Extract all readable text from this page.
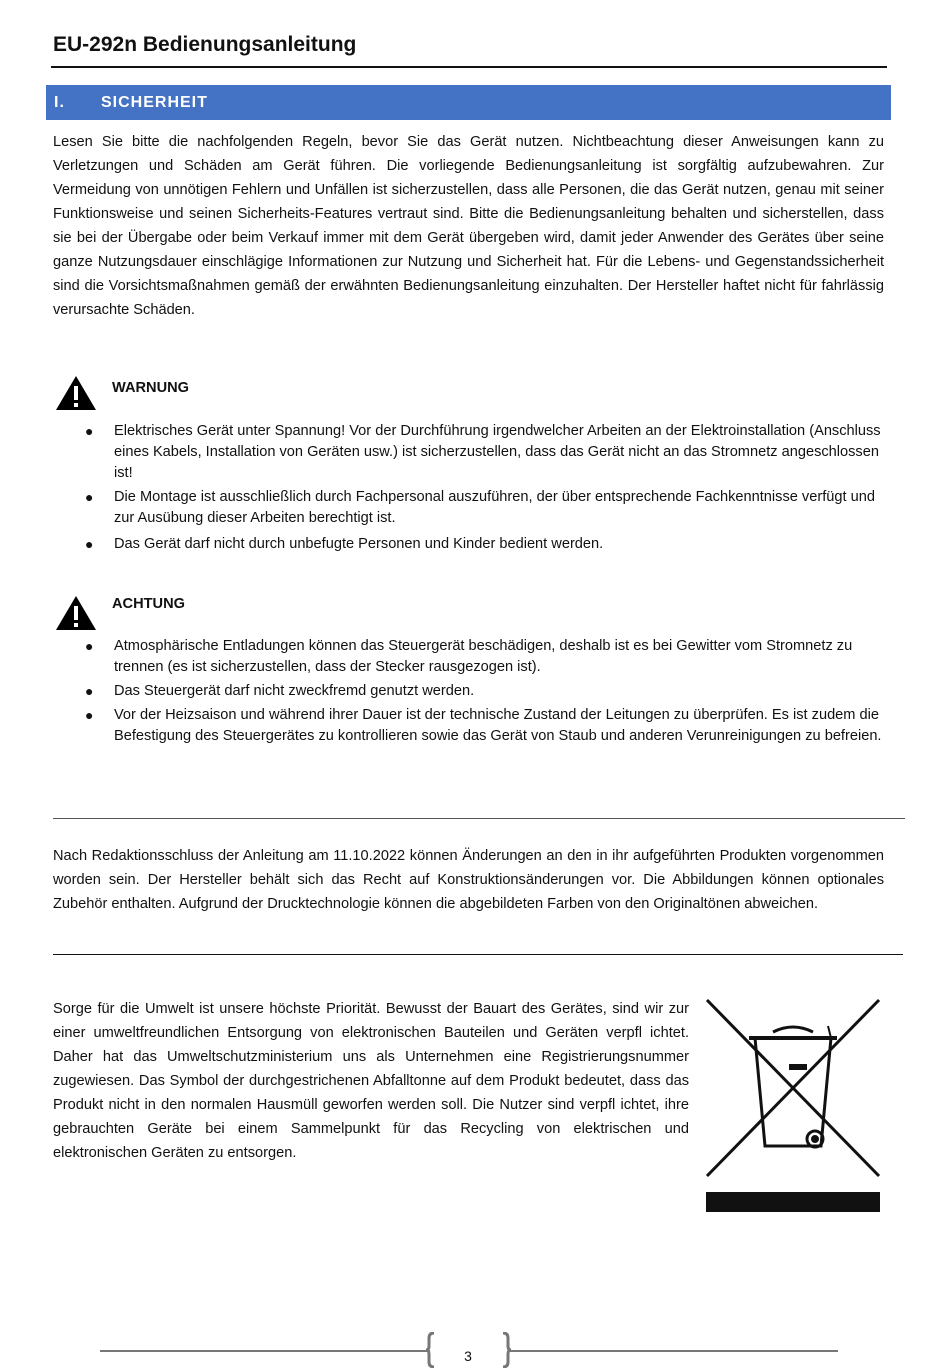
EU-292n Bedienungsanleitung
I. SICHERHEIT

Lesen Sie bitte die nachfolgenden Regeln, bevor Sie das Gerät nutzen. Nichtbeachtung dieser Anweisungen kann zu Verletzungen und Schäden am Gerät führen. Die vorliegende Bedienungsanleitung ist sorgfältig aufzubewahren. Zur Vermeidung von unnötigen Fehlern und Unfällen ist sicherzustellen, dass alle Personen, die das Gerät nutzen, genau mit seiner Funktionsweise und seinen Sicherheits-Features vertraut sind. Bitte die Bedienungsanleitung behalten und sicherstellen, dass sie bei der Übergabe oder beim Verkauf immer mit dem Gerät übergeben wird, damit jeder Anwender des Gerätes über seine ganze Nutzungsdauer einschlägige Informationen zur Nutzung und Sicherheit hat. Für die Lebens- und Gegenstandssicherheit sind die Vorsichtsmaßnahmen gemäß der erwähnten Bedienungsanleitung einzuhalten. Der Hersteller haftet nicht für fahrlässig verursachte Schäden.

WARNUNG
● Elektrisches Gerät unter Spannung! Vor der Durchführung irgendwelcher Arbeiten an der Elektroinstallation (Anschluss eines Kabels, Installation von Geräten usw.) ist sicherzustellen, dass das Gerät nicht an das Stromnetz angeschlossen ist!
● Die Montage ist ausschließlich durch Fachpersonal auszuführen, der über entsprechende Fachkenntnisse verfügt und zur Ausübung dieser Arbeiten berechtigt ist.
● Das Gerät darf nicht durch unbefugte Personen und Kinder bedient werden.
ACHTUNG
● Atmosphärische Entladungen können das Steuergerät beschädigen, deshalb ist es bei Gewitter vom Stromnetz zu trennen (es ist sicherzustellen, dass der Stecker rausgezogen ist).
● Das Steuergerät darf nicht zweckfremd genutzt werden.
● Vor der Heizsaison und während ihrer Dauer ist der technische Zustand der Leitungen zu überprüfen. Es ist zudem die Befestigung des Steuergerätes zu kontrollieren sowie das Gerät von Staub und anderen Verunreinigungen zu befreien.

Nach Redaktionsschluss der Anleitung am 11.10.2022 können Änderungen an den in ihr aufgeführten Produkten vorgenommen worden sein. Der Hersteller behält sich das Recht auf Konstruktionsänderungen vor. Die Abbildungen können optionales Zubehör enthalten. Aufgrund der Drucktechnologie können die abgebildeten Farben von den Originaltönen abweichen.

Sorge für die Umwelt ist unsere höchste Priorität. Bewusst der Bauart des Gerätes, sind wir zur einer umweltfreundlichen Entsorgung von elektronischen Bauteilen und Geräten verpfl ichtet. Daher hat das Umweltschutzministerium uns als Unternehmen eine Registrierungsnummer zugewiesen. Das Symbol der durchgestrichenen Abfalltonne auf dem Produkt bedeutet, dass das Produkt nicht in den normalen Hausmüll geworfen werden soll. Die Nutzer sind verpfl ichtet, ihre gebrauchten Geräte bei einem Sammelpunkt für das Recycling von elektrischen und elektronischen Geräten zu entsorgen.

3
